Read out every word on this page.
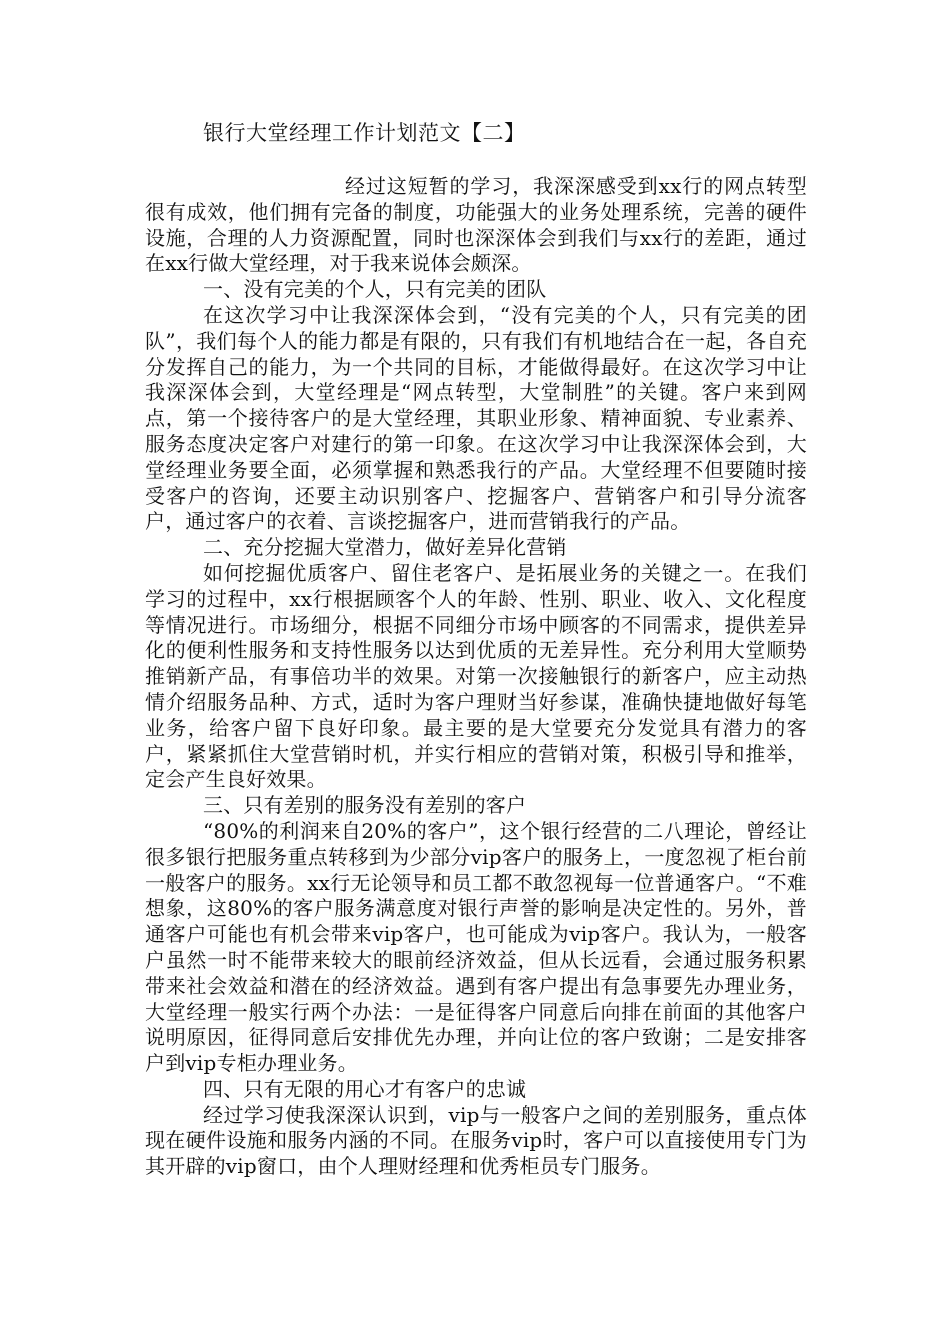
银行大堂经理工作计划范文【二】

经过这短暂的学习，我深深感受到xx行的网点转型很有成效，他们拥有完备的制度，功能强大的业务处理系统，完善的硬件设施，合理的人力资源配置，同时也深深体会到我们与xx行的差距，通过在xx行做大堂经理，对于我来说体会颇深。

一、没有完美的个人，只有完美的团队

在这次学习中让我深深体会到，“没有完美的个人，只有完美的团队”，我们每个人的能力都是有限的，只有我们有机地结合在一起，各自充分发挥自己的能力，为一个共同的目标，才能做得最好。在这次学习中让我深深体会到，大堂经理是“网点转型，大堂制胜”的关键。客户来到网点，第一个接待客户的是大堂经理，其职业形象、精神面貌、专业素养、服务态度决定客户对建行的第一印象。在这次学习中让我深深体会到，大堂经理业务要全面，必须掌握和熟悉我行的产品。大堂经理不但要随时接受客户的咨询，还要主动识别客户、挖掘客户、营销客户和引导分流客户，通过客户的衣着、言谈挖掘客户，进而营销我行的产品。

二、充分挖掘大堂潜力，做好差异化营销

如何挖掘优质客户、留住老客户、是拓展业务的关键之一。在我们学习的过程中，xx行根据顾客个人的年龄、性别、职业、收入、文化程度等情况进行。市场细分，根据不同细分市场中顾客的不同需求，提供差异化的便利性服务和支持性服务以达到优质的无差异性。充分利用大堂顺势推销新产品，有事倍功半的效果。对第一次接触银行的新客户，应主动热情介绍服务品种、方式，适时为客户理财当好参谋，准确快捷地做好每笔业务，给客户留下良好印象。最主要的是大堂要充分发觉具有潜力的客户，紧紧抓住大堂营销时机，并实行相应的营销对策，积极引导和推举，定会产生良好效果。

三、只有差别的服务没有差别的客户

“80%的利润来自20%的客户”，这个银行经营的二八理论，曾经让很多银行把服务重点转移到为少部分vip客户的服务上，一度忽视了柜台前一般客户的服务。xx行无论领导和员工都不敢忽视每一位普通客户。“不难想象，这80%的客户服务满意度对银行声誉的影响是决定性的。另外，普通客户可能也有机会带来vip客户，也可能成为vip客户。我认为，一般客户虽然一时不能带来较大的眼前经济效益，但从长远看，会通过服务积累带来社会效益和潜在的经济效益。遇到有客户提出有急事要先办理业务，大堂经理一般实行两个办法：一是征得客户同意后向排在前面的其他客户说明原因，征得同意后安排优先办理，并向让位的客户致谢；二是安排客户到vip专柜办理业务。

四、只有无限的用心才有客户的忠诚

经过学习使我深深认识到，vip与一般客户之间的差别服务，重点体现在硬件设施和服务内涵的不同。在服务vip时，客户可以直接使用专门为其开辟的vip窗口，由个人理财经理和优秀柜员专门服务。
